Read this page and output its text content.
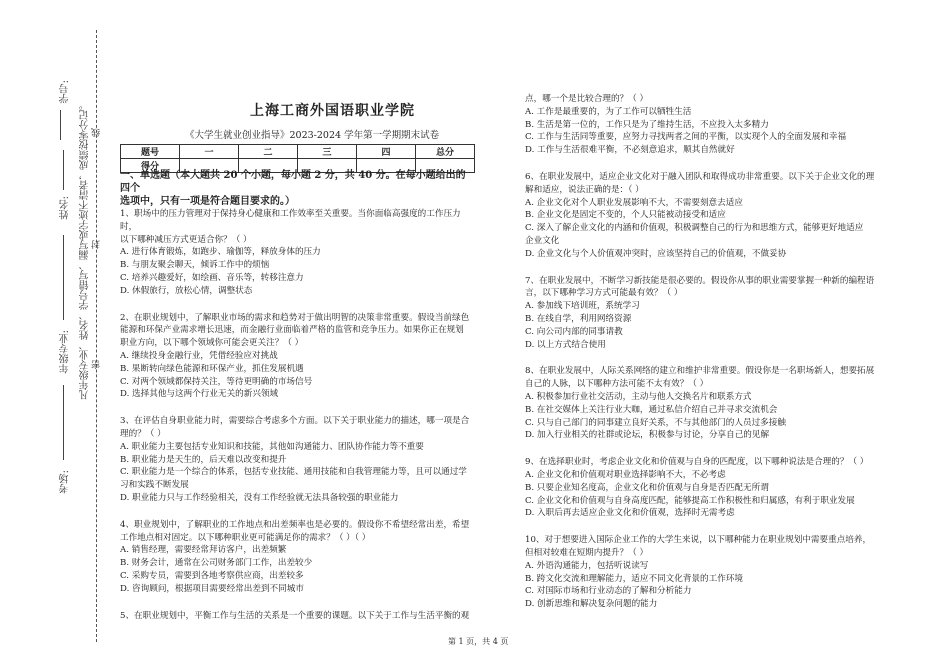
学号:
姓名:
年级专业:
考场:
凡年级专业、姓名、学号错写、漏写或字迹不清者，成绩按零分记。 密
封
线
上海工商外国语职业学院
《大学生就业创业指导》2023-2024 学年第一学期期末试卷
题号	一	二	三	四	总分
得分					

一、单选题（本大题共 20 个小题，每小题 2 分，共 40 分。在每小题给出的四个

选项中，只有一项是符合题目要求的。）

1、职场中的压力管理对于保持身心健康和工作效率至关重要。当你面临高强度的工作压力时，

以下哪种减压方式更适合你？（ ）

A. 进行体育锻炼，如跑步、瑜伽等，释放身体的压力

B. 与朋友聚会聊天，倾诉工作中的烦恼

C. 培养兴趣爱好，如绘画、音乐等，转移注意力

D. 休假旅行，放松心情，调整状态

2、在职业规划中，了解职业市场的需求和趋势对于做出明智的决策非常重要。假设当前绿色

能源和环保产业需求增长迅速，而金融行业面临着严格的监管和竞争压力。如果你正在规划

职业方向，以下哪个领域你可能会更关注？（ ）

A. 继续投身金融行业，凭借经验应对挑战

B. 果断转向绿色能源和环保产业，抓住发展机遇

C. 对两个领域都保持关注，等待更明确的市场信号

D. 选择其他与这两个行业无关的新兴领域

3、在评估自身职业能力时，需要综合考虑多个方面。以下关于职业能力的描述，哪一项是合

理的？（ ）

A. 职业能力主要包括专业知识和技能，其他如沟通能力、团队协作能力等不重要

B. 职业能力是天生的，后天难以改变和提升

C. 职业能力是一个综合的体系，包括专业技能、通用技能和自我管理能力等，且可以通过学

习和实践不断发展

D. 职业能力只与工作经验相关，没有工作经验就无法具备较强的职业能力

4、职业规划中，了解职业的工作地点和出差频率也是必要的。假设你不希望经常出差，希望

工作地点相对固定。以下哪种职业更可能满足你的需求？（ ）（ ）

A. 销售经理，需要经常拜访客户，出差频繁

B. 财务会计，通常在公司财务部门工作，出差较少

C. 采购专员，需要到各地考察供应商，出差较多

D. 咨询顾问，根据项目需要经常出差到不同城市

5、在职业规划中，平衡工作与生活的关系是一个重要的课题。以下关于工作与生活平衡的观

点，哪一个是比较合理的？（ ）

A. 工作是最重要的，为了工作可以牺牲生活

B. 生活是第一位的，工作只是为了维持生活，不应投入太多精力

C. 工作与生活同等重要，应努力寻找两者之间的平衡，以实现个人的全面发展和幸福

D. 工作与生活很难平衡，不必刻意追求，顺其自然就好

6、在职业发展中，适应企业文化对于融入团队和取得成功非常重要。以下关于企业文化的理

解和适应，说法正确的是：（ ）

A. 企业文化对个人职业发展影响不大，不需要刻意去适应

B. 企业文化是固定不变的，个人只能被动接受和适应

C. 深入了解企业文化的内涵和价值观，积极调整自己的行为和思维方式，能够更好地适应

企业文化

D. 企业文化与个人价值观冲突时，应该坚持自己的价值观，不做妥协

7、在职业发展中，不断学习新技能是很必要的。假设你从事的职业需要掌握一种新的编程语

言，以下哪种学习方式可能最有效？（ ）

A. 参加线下培训班，系统学习

B. 在线自学，利用网络资源

C. 向公司内部的同事请教

D. 以上方式结合使用

8、在职业发展中，人际关系网络的建立和维护非常重要。假设你是一名职场新人，想要拓展

自己的人脉，以下哪种方法可能不太有效？（ ）

A. 积极参加行业社交活动，主动与他人交换名片和联系方式

B. 在社交媒体上关注行业大咖，通过私信介绍自己并寻求交流机会

C. 只与自己部门的同事建立良好关系，不与其他部门的人员过多接触

D. 加入行业相关的社群或论坛，积极参与讨论，分享自己的见解

9、在选择职业时，考虑企业文化和价值观与自身的匹配度，以下哪种说法是合理的？（ ）

A. 企业文化和价值观对职业选择影响不大，不必考虑

B. 只要企业知名度高，企业文化和价值观与自身是否匹配无所谓

C. 企业文化和价值观与自身高度匹配，能够提高工作积极性和归属感，有利于职业发展

D. 入职后再去适应企业文化和价值观，选择时无需考虑

10、对于想要进入国际企业工作的大学生来说，以下哪种能力在职业规划中需要重点培养，

但相对较难在短期内提升？（ ）

A. 外语沟通能力，包括听说读写

B. 跨文化交流和理解能力，适应不同文化背景的工作环境

C. 对国际市场和行业动态的了解和分析能力

D. 创新思维和解决复杂问题的能力

第 1 页，共 4 页
